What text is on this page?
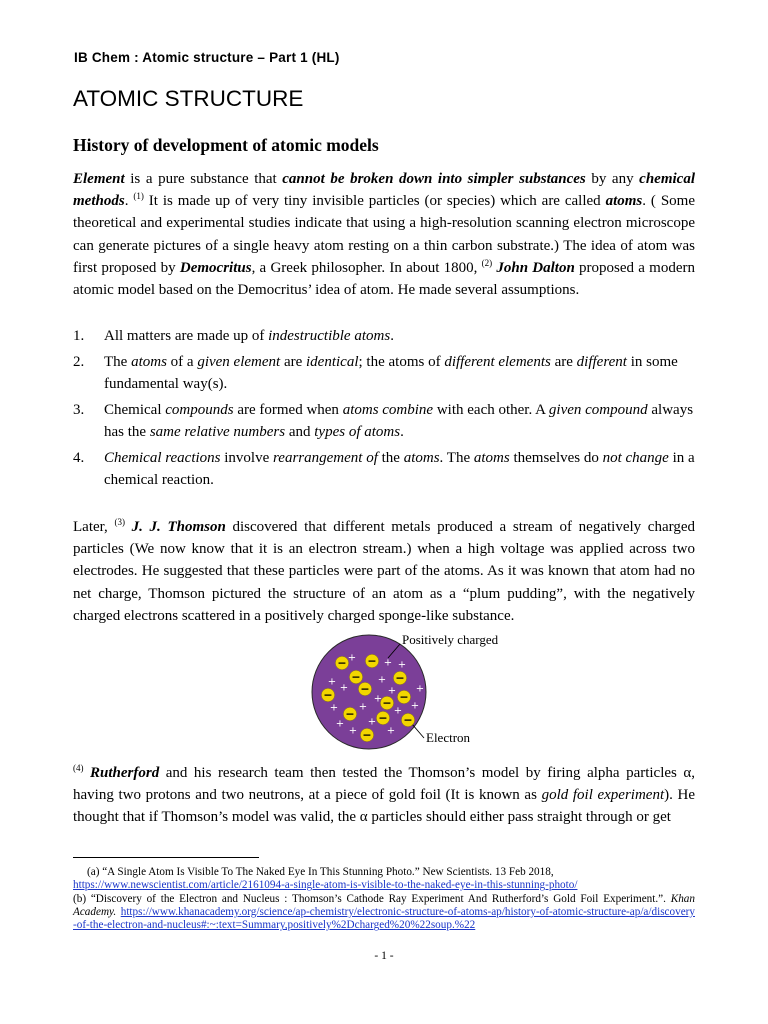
IB Chem : Atomic structure – Part 1 (HL)
ATOMIC STRUCTURE
History of development of atomic models

Element is a pure substance that cannot be broken down into simpler substances by any chemical methods. $^{(1)}$ It is made up of very tiny invisible particles (or species) which are called atoms. ( Some theoretical and experimental studies indicate that using a high-resolution scanning electron microscope can generate pictures of a single heavy atom resting on a thin carbon substrate.) The idea of atom was first proposed by Democritus, a Greek philosopher. In about 1800, $^{(2)}$ John Dalton proposed a modern atomic model based on the Democritus’ idea of atom. He made several assumptions.

1. All matters are made up of indestructible atoms.
2. The atoms of a given element are identical; the atoms of different elements are different in some fundamental way(s).
3. Chemical compounds are formed when atoms combine with each other. A given compound always has the same relative numbers and types of atoms.
4. Chemical reactions involve rearrangement of the atoms. The atoms themselves do not change in a chemical reaction.

Later, $^{(3)}$ J. J. Thomson discovered that different metals produced a stream of negatively charged particles (We now know that it is an electron stream.) when a high voltage was applied across two electrodes. He suggested that these particles were part of the atoms. As it was known that atom had no net charge, Thomson pictured the structure of an atom as a “plum pudding”, with the negatively charged electrons scattered in a positively charged sponge-like substance.

− −
−	−
−	−
−
−
− − −
−
+	+ +
+	+
+	+ +
+
+
+ +	+
+ +
+	+
Positively charged
Electron

$^{(4)}$ Rutherford and his research team then tested the Thomson’s model by firing alpha particles α, having two protons and two neutrons, at a piece of gold foil (It is known as gold foil experiment). He thought that if Thomson’s model was valid, the α particles should either pass straight through or get

(a) “A Single Atom Is Visible To The Naked Eye In This Stunning Photo.” New Scientists. 13 Feb 2018,
https://www.newscientist.com/article/2161094-a-single-atom-is-visible-to-the-naked-eye-in-this-stunning-photo/

(b) “Discovery of the Electron and Nucleus : Thomson’s Cathode Ray Experiment And Rutherford’s Gold Foil Experiment.”. Khan Academy. https://www.khanacademy.org/science/ap-chemistry/electronic-structure-of-atoms-ap/history-of-atomic-structure-ap/a/discovery-of-the-electron-and-nucleus#:~:text=Summary,positively%2Dcharged%20%22soup.%22

- 1 -
